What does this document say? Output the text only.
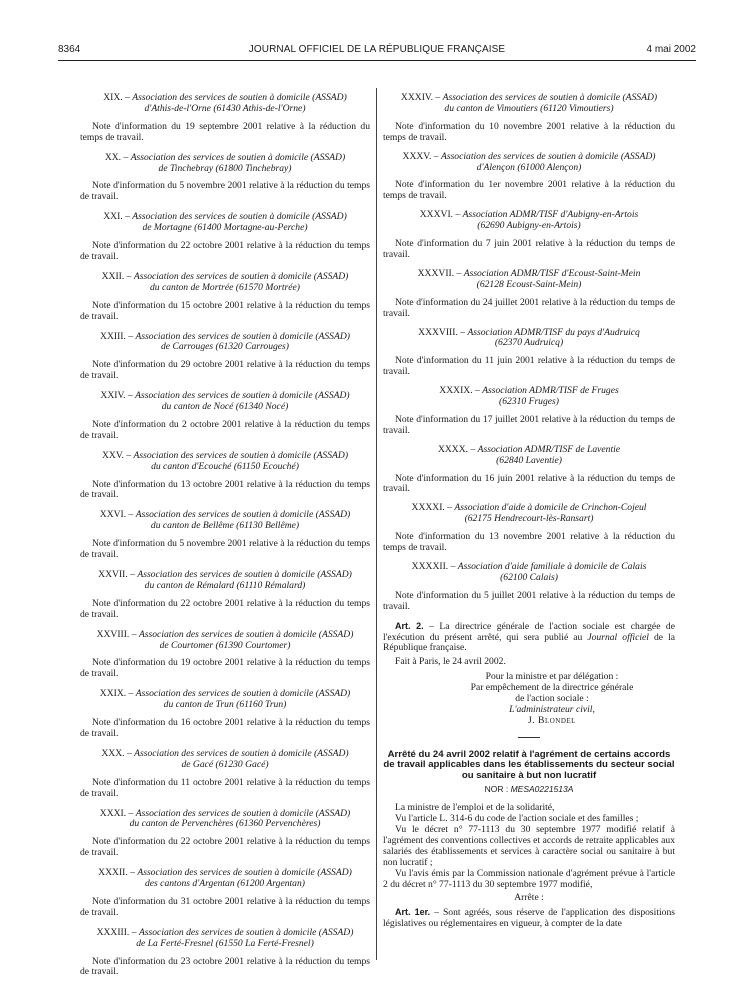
8364	JOURNAL OFFICIEL DE LA RÉPUBLIQUE FRANÇAISE	4 mai 2002

XIX. – Association des services de soutien à domicile (ASSAD)
d'Athis-de-l'Orne (61430 Athis-de-l'Orne)

Note d'information du 19 septembre 2001 relative à la réduction du temps de travail.

XX. – Association des services de soutien à domicile (ASSAD)
de Tinchebray (61800 Tinchebray)

Note d'information du 5 novembre 2001 relative à la réduction du temps de travail.

XXI. – Association des services de soutien à domicile (ASSAD)
de Mortagne (61400 Mortagne-au-Perche)

Note d'information du 22 octobre 2001 relative à la réduction du temps de travail.

XXII. – Association des services de soutien à domicile (ASSAD)
du canton de Mortrée (61570 Mortrée)

Note d'information du 15 octobre 2001 relative à la réduction du temps de travail.

XXIII. – Association des services de soutien à domicile (ASSAD)
de Carrouges (61320 Carrouges)

Note d'information du 29 octobre 2001 relative à la réduction du temps de travail.

XXIV. – Association des services de soutien à domicile (ASSAD)
du canton de Nocé (61340 Nocé)

Note d'information du 2 octobre 2001 relative à la réduction du temps de travail.

XXV. – Association des services de soutien à domicile (ASSAD)
du canton d'Ecouché (61150 Ecouché)

Note d'information du 13 octobre 2001 relative à la réduction du temps de travail.

XXVI. – Association des services de soutien à domicile (ASSAD)
du canton de Bellême (61130 Bellême)

Note d'information du 5 novembre 2001 relative à la réduction du temps de travail.

XXVII. – Association des services de soutien à domicile (ASSAD)
du canton de Rémalard (61110 Rémalard)

Note d'information du 22 octobre 2001 relative à la réduction du temps de travail.

XXVIII. – Association des services de soutien à domicile (ASSAD)
de Courtomer (61390 Courtomer)

Note d'information du 19 octobre 2001 relative à la réduction du temps de travail.

XXIX. – Association des services de soutien à domicile (ASSAD)
du canton de Trun (61160 Trun)

Note d'information du 16 octobre 2001 relative à la réduction du temps de travail.

XXX. – Association des services de soutien à domicile (ASSAD)
de Gacé (61230 Gacé)

Note d'information du 11 octobre 2001 relative à la réduction du temps de travail.

XXXI. – Association des services de soutien à domicile (ASSAD)
du canton de Pervenchères (61360 Pervenchères)

Note d'information du 22 octobre 2001 relative à la réduction du temps de travail.

XXXII. – Association des services de soutien à domicile (ASSAD)
des cantons d'Argentan (61200 Argentan)

Note d'information du 31 octobre 2001 relative à la réduction du temps de travail.

XXXIII. – Association des services de soutien à domicile (ASSAD)
de La Ferté-Fresnel (61550 La Ferté-Fresnel)

Note d'information du 23 octobre 2001 relative à la réduction du temps de travail.

XXXIV. – Association des services de soutien à domicile (ASSAD)
du canton de Vimoutiers (61120 Vimoutiers)

Note d'information du 10 novembre 2001 relative à la réduction du temps de travail.

XXXV. – Association des services de soutien à domicile (ASSAD)
d'Alençon (61000 Alençon)

Note d'information du 1er novembre 2001 relative à la réduction du temps de travail.

XXXVI. – Association ADMR/TISF d'Aubigny-en-Artois
(62690 Aubigny-en-Artois)

Note d'information du 7 juin 2001 relative à la réduction du temps de travail.

XXXVII. – Association ADMR/TISF d'Ecoust-Saint-Mein
(62128 Ecoust-Saint-Mein)

Note d'information du 24 juillet 2001 relative à la réduction du temps de travail.

XXXVIII. – Association ADMR/TISF du pays d'Audruicq
(62370 Audruicq)

Note d'information du 11 juin 2001 relative à la réduction du temps de travail.

XXXIX. – Association ADMR/TISF de Fruges
(62310 Fruges)

Note d'information du 17 juillet 2001 relative à la réduction du temps de travail.

XXXX. – Association ADMR/TISF de Laventie
(62840 Laventie)

Note d'information du 16 juin 2001 relative à la réduction du temps de travail.

XXXXI. – Association d'aide à domicile de Crinchon-Cojeul
(62175 Hendrecourt-lès-Ransart)

Note d'information du 13 novembre 2001 relative à la réduction du temps de travail.

XXXXII. – Association d'aide familiale à domicile de Calais
(62100 Calais)

Note d'information du 5 juillet 2001 relative à la réduction du temps de travail.

Art. 2. – La directrice générale de l'action sociale est chargée de l'exécution du présent arrêté, qui sera publié au Journal officiel de la République française.

Fait à Paris, le 24 avril 2002.

Pour la ministre et par délégation :
Par empêchement de la directrice générale
de l'action sociale :
L'administrateur civil,
J. Blondel

Arrêté du 24 avril 2002 relatif à l'agrément de certains accords de travail applicables dans les établissements du secteur social ou sanitaire à but non lucratif

NOR : MESA0221513A

La ministre de l'emploi et de la solidarité,

Vu l'article L. 314-6 du code de l'action sociale et des familles ;

Vu le décret n° 77-1113 du 30 septembre 1977 modifié relatif à l'agrément des conventions collectives et accords de retraite applicables aux salariés des établissements et services à caractère social ou sanitaire à but non lucratif ;

Vu l'avis émis par la Commission nationale d'agrément prévue à l'article 2 du décret n° 77-1113 du 30 septembre 1977 modifié,

Arrête :

Art. 1er. – Sont agréés, sous réserve de l'application des dispositions législatives ou réglementaires en vigueur, à compter de la date
